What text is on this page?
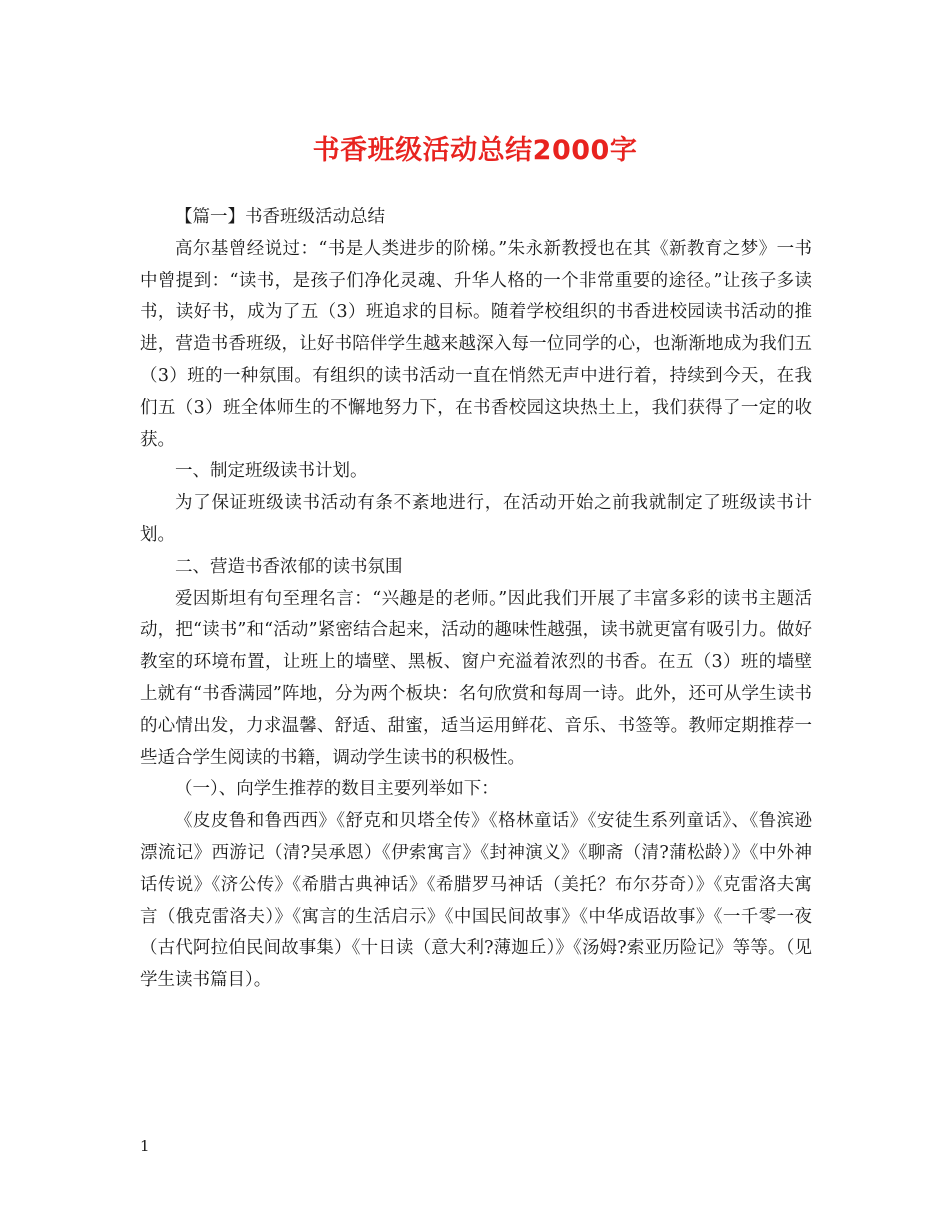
书香班级活动总结2000字

【篇一】书香班级活动总结

高尔基曾经说过：“书是人类进步的阶梯。”朱永新教授也在其《新教育之梦》一书中曾提到：“读书，是孩子们净化灵魂、升华人格的一个非常重要的途径。”让孩子多读书，读好书，成为了五（3）班追求的目标。随着学校组织的书香进校园读书活动的推进，营造书香班级，让好书陪伴学生越来越深入每一位同学的心，也渐渐地成为我们五（3）班的一种氛围。有组织的读书活动一直在悄然无声中进行着，持续到今天，在我们五（3）班全体师生的不懈地努力下，在书香校园这块热土上，我们获得了一定的收获。

一、制定班级读书计划。

为了保证班级读书活动有条不紊地进行，在活动开始之前我就制定了班级读书计划。

二、营造书香浓郁的读书氛围

爱因斯坦有句至理名言：“兴趣是的老师。”因此我们开展了丰富多彩的读书主题活动，把“读书”和“活动”紧密结合起来，活动的趣味性越强，读书就更富有吸引力。做好教室的环境布置，让班上的墙壁、黑板、窗户充溢着浓烈的书香。在五（3）班的墙壁上就有“书香满园”阵地，分为两个板块：名句欣赏和每周一诗。此外，还可从学生读书的心情出发，力求温馨、舒适、甜蜜，适当运用鲜花、音乐、书签等。教师定期推荐一些适合学生阅读的书籍，调动学生读书的积极性。

（一）、向学生推荐的数目主要列举如下：

《皮皮鲁和鲁西西》《舒克和贝塔全传》《格林童话》《安徒生系列童话》、《鲁滨逊漂流记》西游记（清?吴承恩）《伊索寓言》《封神演义》《聊斋（清?蒲松龄）》《中外神话传说》《济公传》《希腊古典神话》《希腊罗马神话（美托？布尔芬奇）》《克雷洛夫寓言（俄克雷洛夫）》《寓言的生活启示》《中国民间故事》《中华成语故事》《一千零一夜（古代阿拉伯民间故事集）《十日读（意大利?薄迦丘）》《汤姆?索亚历险记》等等。（见学生读书篇目）。

1
